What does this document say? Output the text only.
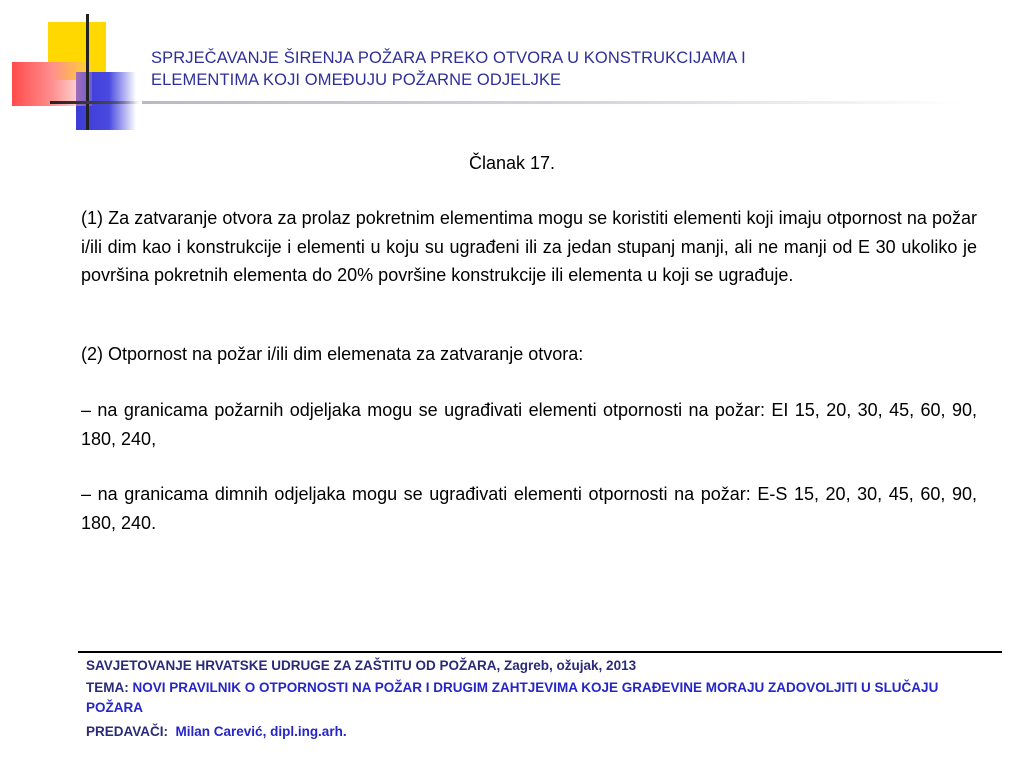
SPRJEČAVANJE ŠIRENJA POŽARA PREKO OTVORA U KONSTRUKCIJAMA I
ELEMENTIMA KOJI OMEĐUJU POŽARNE ODJELJKE
Članak 17.
(1) Za zatvaranje otvora za prolaz pokretnim elementima mogu se koristiti elementi koji imaju otpornost na požar i/ili dim kao i konstrukcije i elementi u koju su ugrađeni ili za jedan stupanj manji, ali ne manji od E 30 ukoliko je površina pokretnih elementa do 20% površine konstrukcije ili elementa u koji se ugrađuje.
(2) Otpornost na požar i/ili dim elemenata za zatvaranje otvora:
– na granicama požarnih odjeljaka mogu se ugrađivati elementi otpornosti na požar: EI 15, 20, 30, 45, 60, 90, 180, 240,
– na granicama dimnih odjeljaka mogu se ugrađivati elementi otpornosti na požar: E-S 15, 20, 30, 45, 60, 90, 180, 240.
SAVJETOVANJE HRVATSKE UDRUGE ZA ZAŠTITU OD POŽARA, Zagreb, ožujak, 2013
TEMA: NOVI PRAVILNIK O OTPORNOSTI NA POŽAR I DRUGIM ZAHTJEVIMA KOJE GRAĐEVINE MORAJU ZADOVOLJITI U SLUČAJU POŽARA
PREDAVAČI: Milan Carević, dipl.ing.arh.
